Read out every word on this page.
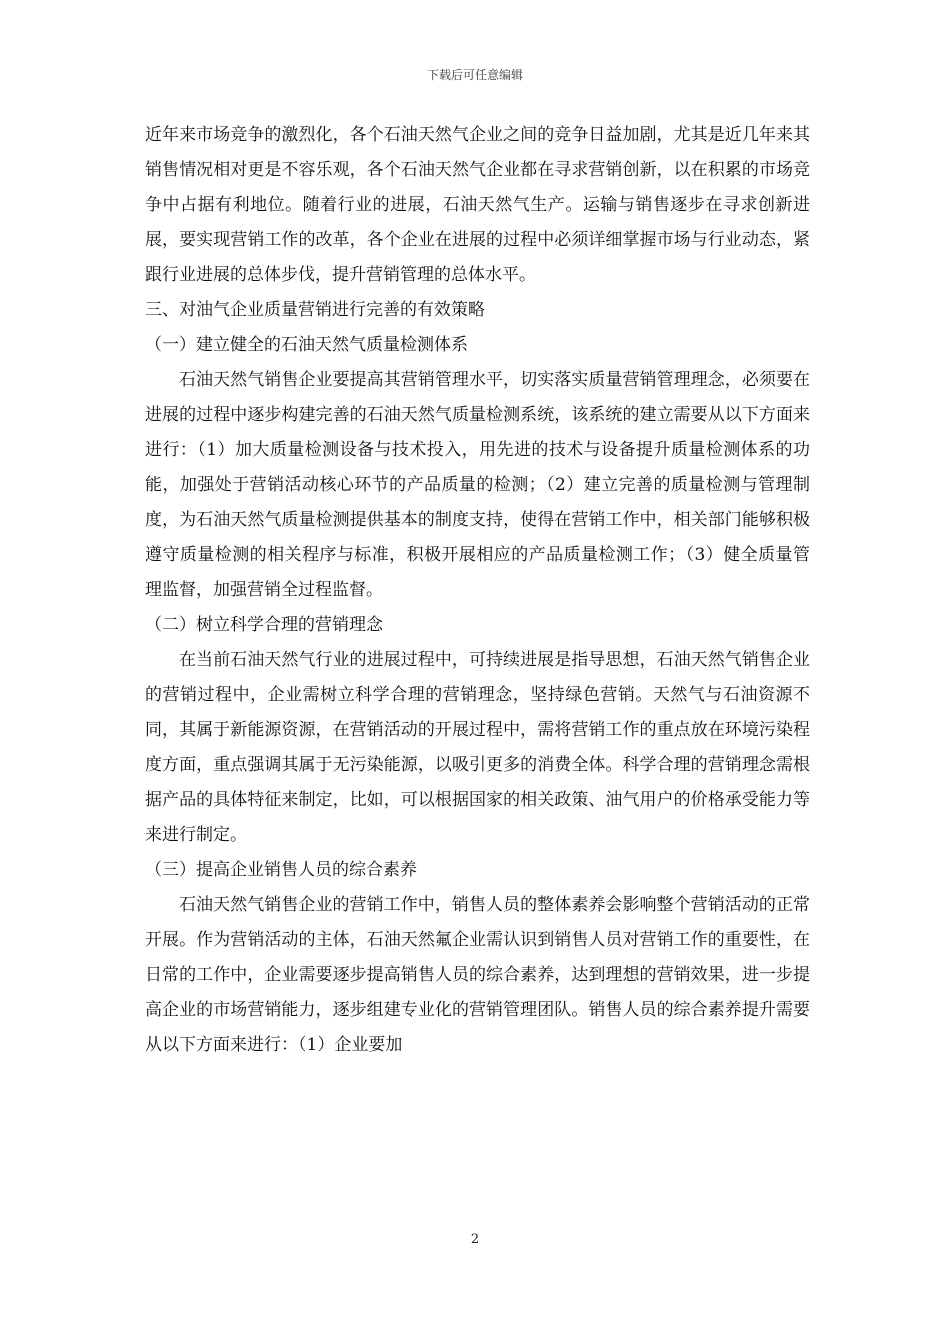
下载后可任意编辑

近年来市场竞争的激烈化，各个石油天然气企业之间的竞争日益加剧，尤其是近几年来其销售情况相对更是不容乐观，各个石油天然气企业都在寻求营销创新，以在积累的市场竞争中占据有利地位。随着行业的进展，石油天然气生产。运输与销售逐步在寻求创新进展，要实现营销工作的改革，各个企业在进展的过程中必须详细掌握市场与行业动态，紧跟行业进展的总体步伐，提升营销管理的总体水平。

三、对油气企业质量营销进行完善的有效策略

（一）建立健全的石油天然气质量检测体系

石油天然气销售企业要提高其营销管理水平，切实落实质量营销管理理念，必须要在进展的过程中逐步构建完善的石油天然气质量检测系统，该系统的建立需要从以下方面来进行：（1）加大质量检测设备与技术投入，用先进的技术与设备提升质量检测体系的功能，加强处于营销活动核心环节的产品质量的检测；（2）建立完善的质量检测与管理制度，为石油天然气质量检测提供基本的制度支持，使得在营销工作中，相关部门能够积极遵守质量检测的相关程序与标准，积极开展相应的产品质量检测工作；（3）健全质量管理监督，加强营销全过程监督。

（二）树立科学合理的营销理念

在当前石油天然气行业的进展过程中，可持续进展是指导思想，石油天然气销售企业的营销过程中，企业需树立科学合理的营销理念，坚持绿色营销。天然气与石油资源不同，其属于新能源资源，在营销活动的开展过程中，需将营销工作的重点放在环境污染程度方面，重点强调其属于无污染能源，以吸引更多的消费全体。科学合理的营销理念需根据产品的具体特征来制定，比如，可以根据国家的相关政策、油气用户的价格承受能力等来进行制定。

（三）提高企业销售人员的综合素养

石油天然气销售企业的营销工作中，销售人员的整体素养会影响整个营销活动的正常开展。作为营销活动的主体，石油天然氟企业需认识到销售人员对营销工作的重要性，在日常的工作中，企业需要逐步提高销售人员的综合素养，达到理想的营销效果，进一步提高企业的市场营销能力，逐步组建专业化的营销管理团队。销售人员的综合素养提升需要从以下方面来进行：（1）企业要加

2
